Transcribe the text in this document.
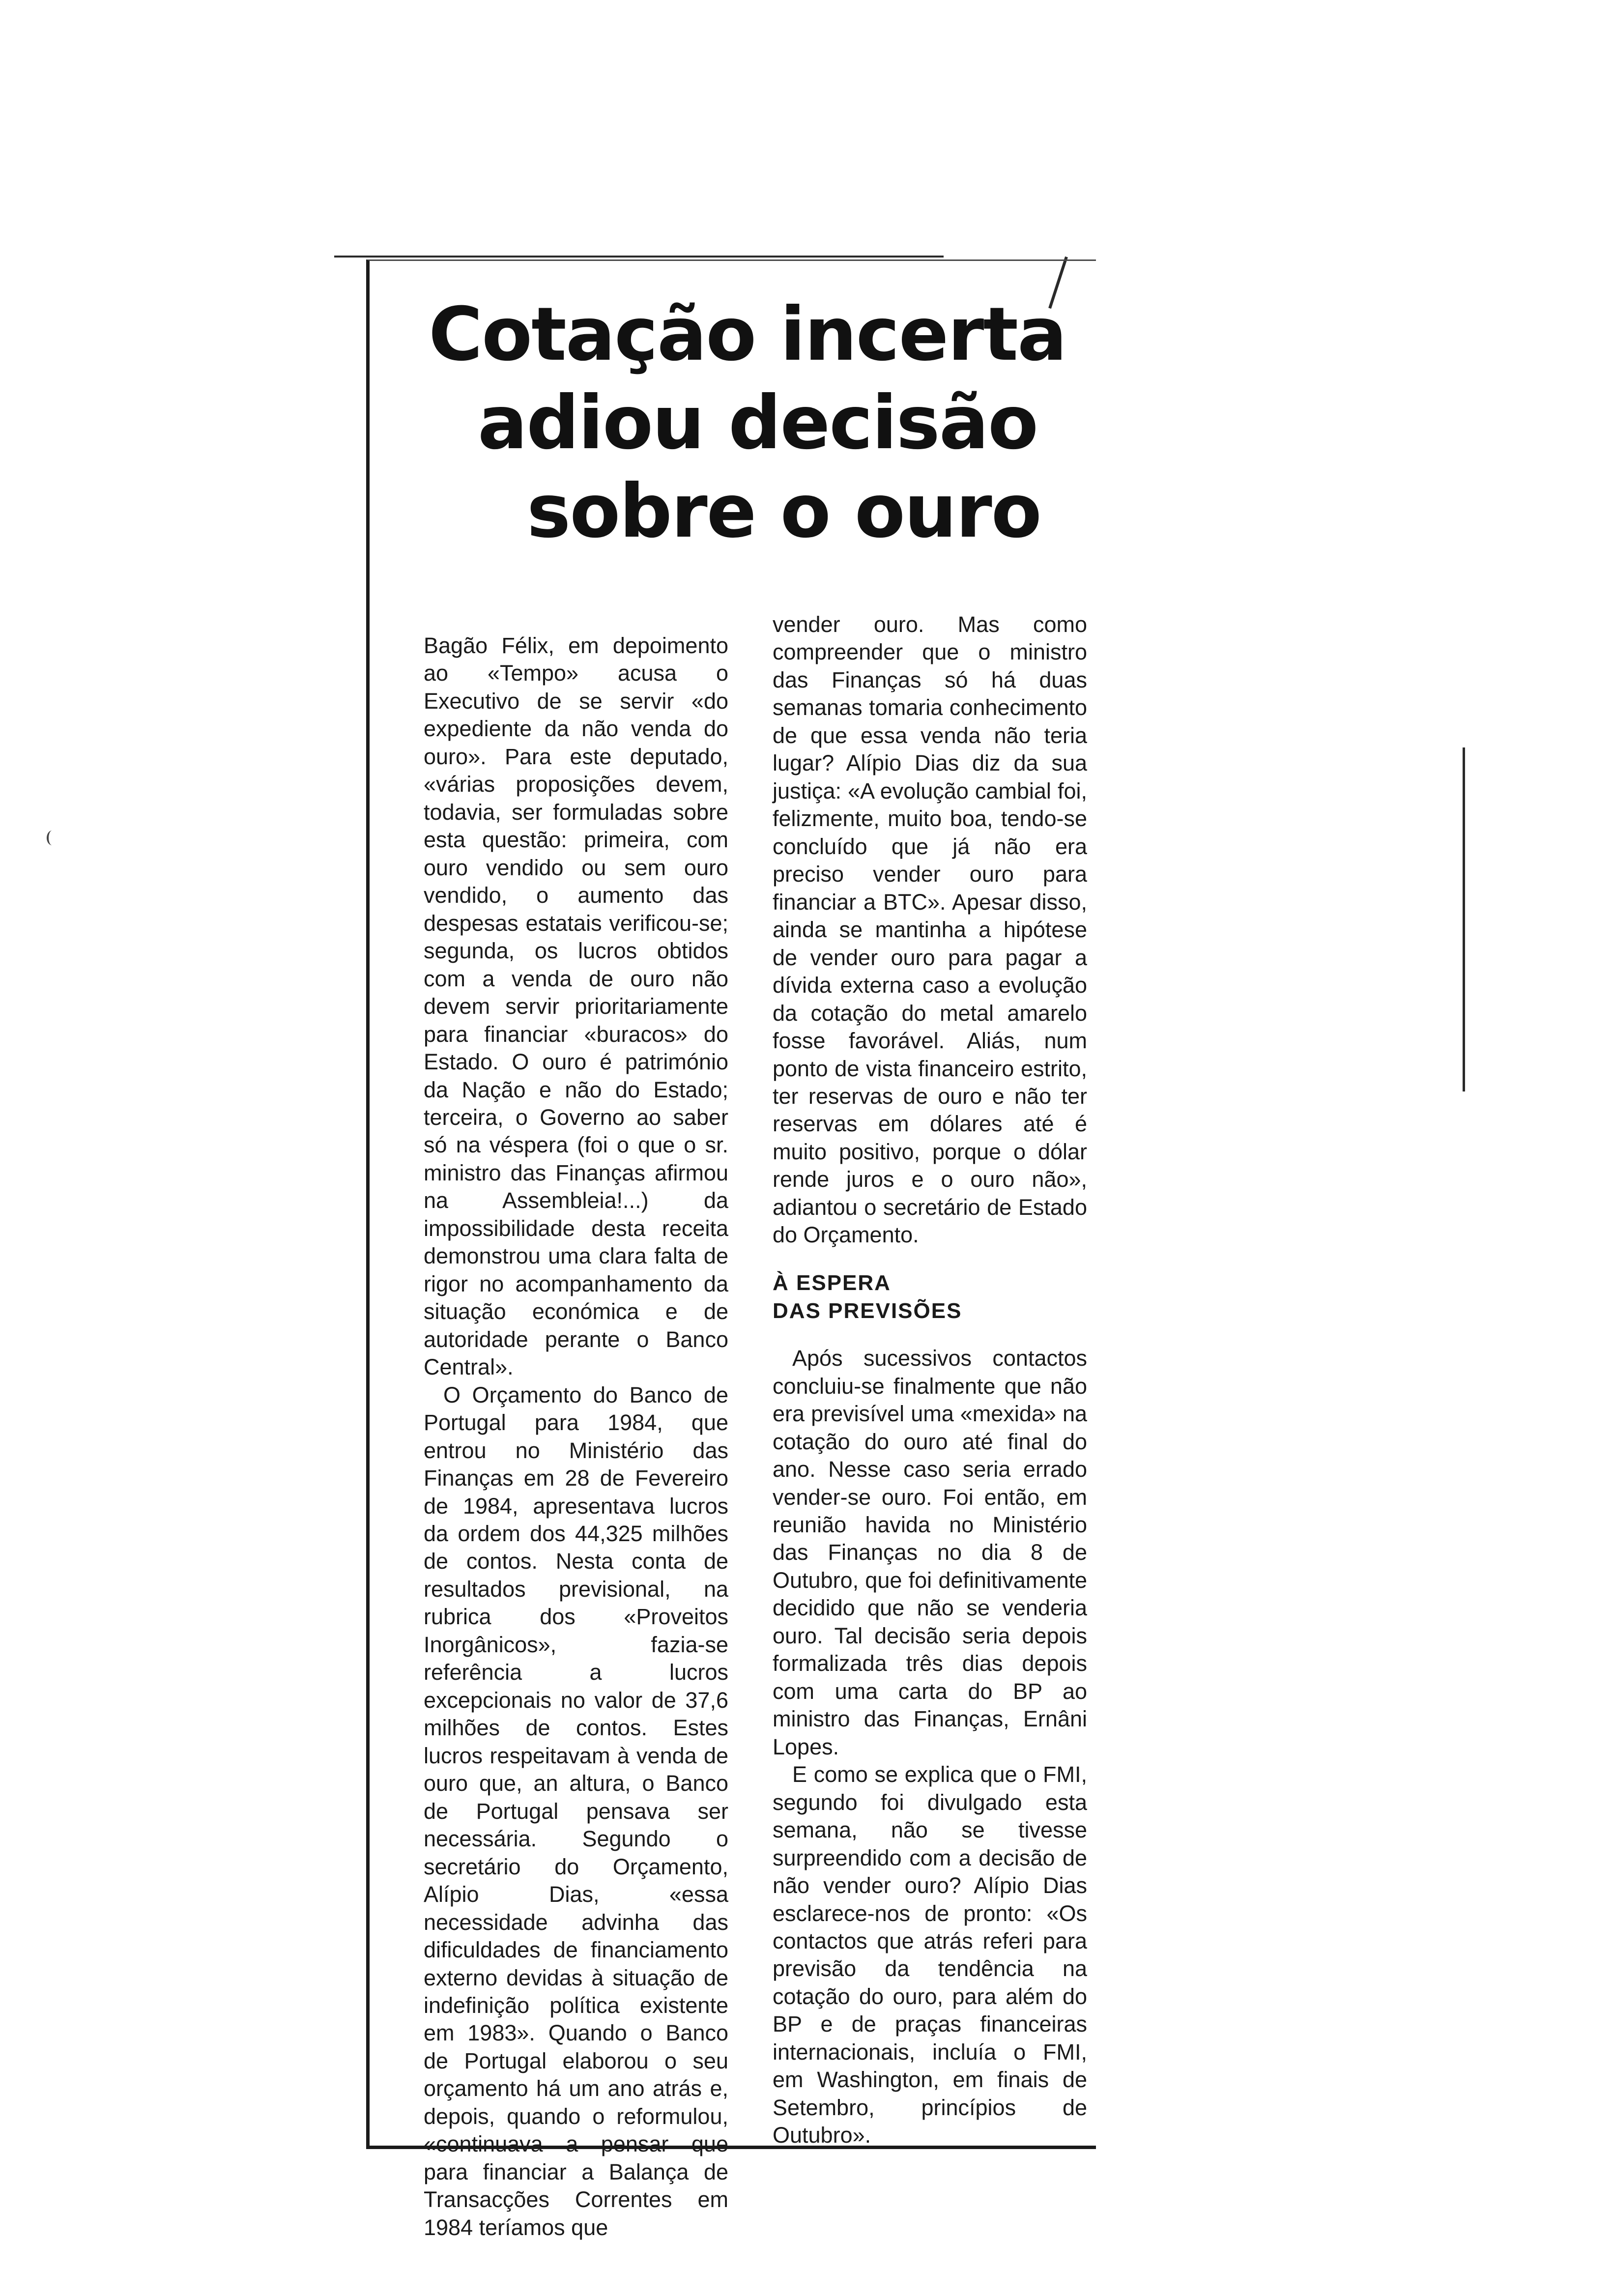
Cotação incerta
adiou decisão
sobre o ouro

Bagão Félix, em depoimento ao «Tempo» acusa o Executivo de se servir «do expediente da não venda do ouro». Para este deputado, «várias proposições devem, todavia, ser formuladas sobre esta questão: primeira, com ouro vendido ou sem ouro vendido, o aumento das despesas estatais verificou-se; segunda, os lucros obtidos com a venda de ouro não devem servir prioritariamente para financiar «buracos» do Estado. O ouro é património da Nação e não do Estado; terceira, o Governo ao saber só na véspera (foi o que o sr. ministro das Finanças afirmou na Assembleia!...) da impossibilidade desta receita demonstrou uma clara falta de rigor no acompanhamento da situação económica e de autoridade perante o Banco Central».

O Orçamento do Banco de Portugal para 1984, que entrou no Ministério das Finanças em 28 de Fevereiro de 1984, apresentava lucros da ordem dos 44,325 milhões de contos. Nesta conta de resultados previsional, na rubrica dos «Proveitos Inorgânicos», fazia-se referência a lucros excepcionais no valor de 37,6 milhões de contos. Estes lucros respeitavam à venda de ouro que, an altura, o Banco de Portugal pensava ser necessária. Segundo o secretário do Orçamento, Alípio Dias, «essa necessidade advinha das dificuldades de financiamento externo devidas à situação de indefinição política existente em 1983». Quando o Banco de Portugal elaborou o seu orçamento há um ano atrás e, depois, quando o reformulou, «continuava a pensar que para financiar a Balança de Transacções Correntes em 1984 teríamos que

vender ouro. Mas como compreender que o ministro das Finanças só há duas semanas tomaria conhecimento de que essa venda não teria lugar? Alípio Dias diz da sua justiça: «A evolução cambial foi, felizmente, muito boa, tendo-se concluído que já não era preciso vender ouro para financiar a BTC». Apesar disso, ainda se mantinha a hipótese de vender ouro para pagar a dívida externa caso a evolução da cotação do metal amarelo fosse favorável. Aliás, num ponto de vista financeiro estrito, ter reservas de ouro e não ter reservas em dólares até é muito positivo, porque o dólar rende juros e o ouro não», adiantou o secretário de Estado do Orçamento.

À ESPERA
DAS PREVISÕES

Após sucessivos contactos concluiu-se finalmente que não era previsível uma «mexida» na cotação do ouro até final do ano. Nesse caso seria errado vender-se ouro. Foi então, em reunião havida no Ministério das Finanças no dia 8 de Outubro, que foi definitivamente decidido que não se venderia ouro. Tal decisão seria depois formalizada três dias depois com uma carta do BP ao ministro das Finanças, Ernâni Lopes.

E como se explica que o FMI, segundo foi divulgado esta semana, não se tivesse surpreendido com a decisão de não vender ouro? Alípio Dias esclarece-nos de pronto: «Os contactos que atrás referi para previsão da tendência na cotação do ouro, para além do BP e de praças financeiras internacionais, incluía o FMI, em Washington, em finais de Setembro, princípios de Outubro».
